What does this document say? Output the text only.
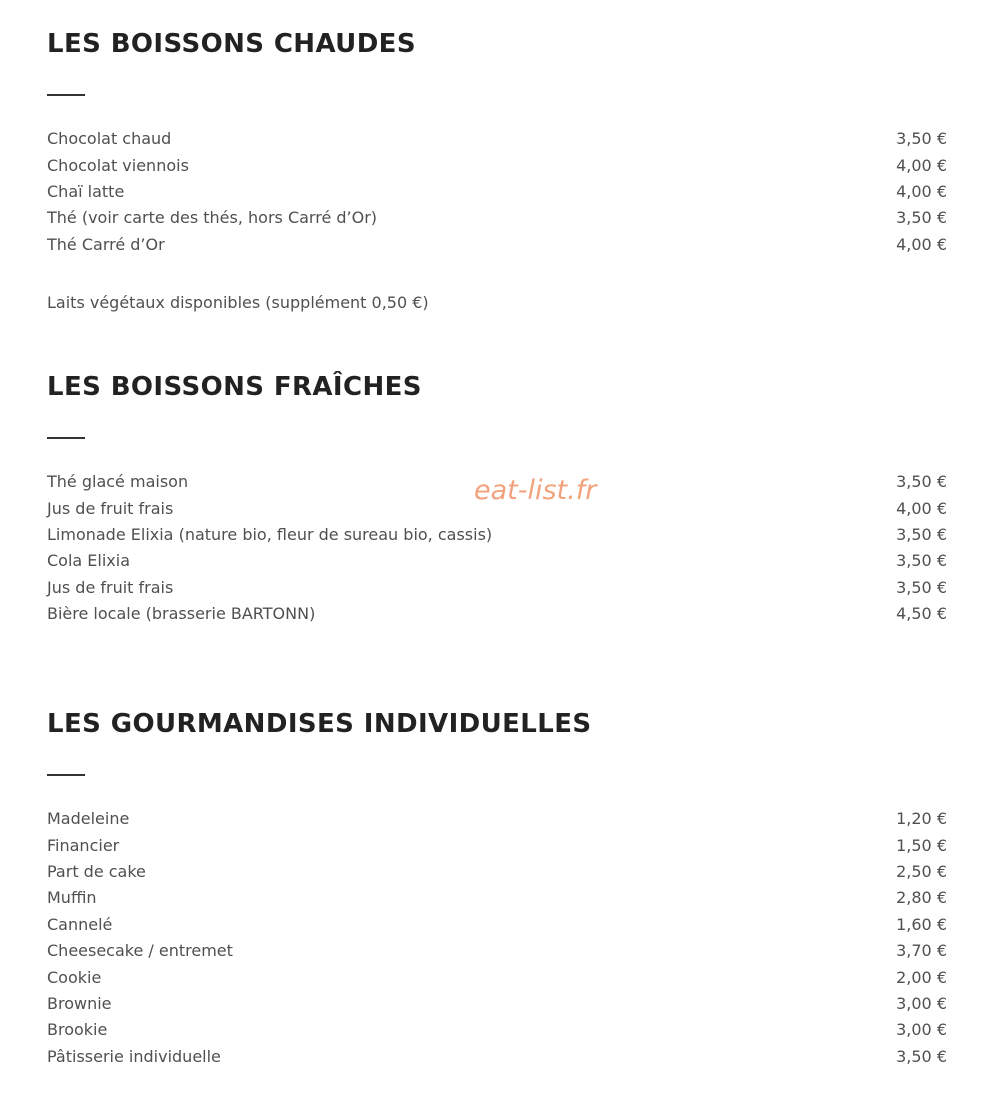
LES BOISSONS CHAUDES
Chocolat chaud	3,50 €
Chocolat viennois	4,00 €
Chaï latte	4,00 €
Thé (voir carte des thés, hors Carré d’Or)	3,50 €
Thé Carré d’Or	4,00 €
Laits végétaux disponibles (supplément 0,50 €)
LES BOISSONS FRAÎCHES
Thé glacé maison	3,50 €
Jus de fruit frais	4,00 €
Limonade Elixia (nature bio, fleur de sureau bio, cassis)	3,50 €
Cola Elixia	3,50 €
Jus de fruit frais	3,50 €
Bière locale (brasserie BARTONN)	4,50 €
LES GOURMANDISES INDIVIDUELLES
Madeleine	1,20 €
Financier	1,50 €
Part de cake	2,50 €
Muffin	2,80 €
Cannelé	1,60 €
Cheesecake / entremet	3,70 €
Cookie	2,00 €
Brownie	3,00 €
Brookie	3,00 €
Pâtisserie individuelle	3,50 €
eat-list.fr
